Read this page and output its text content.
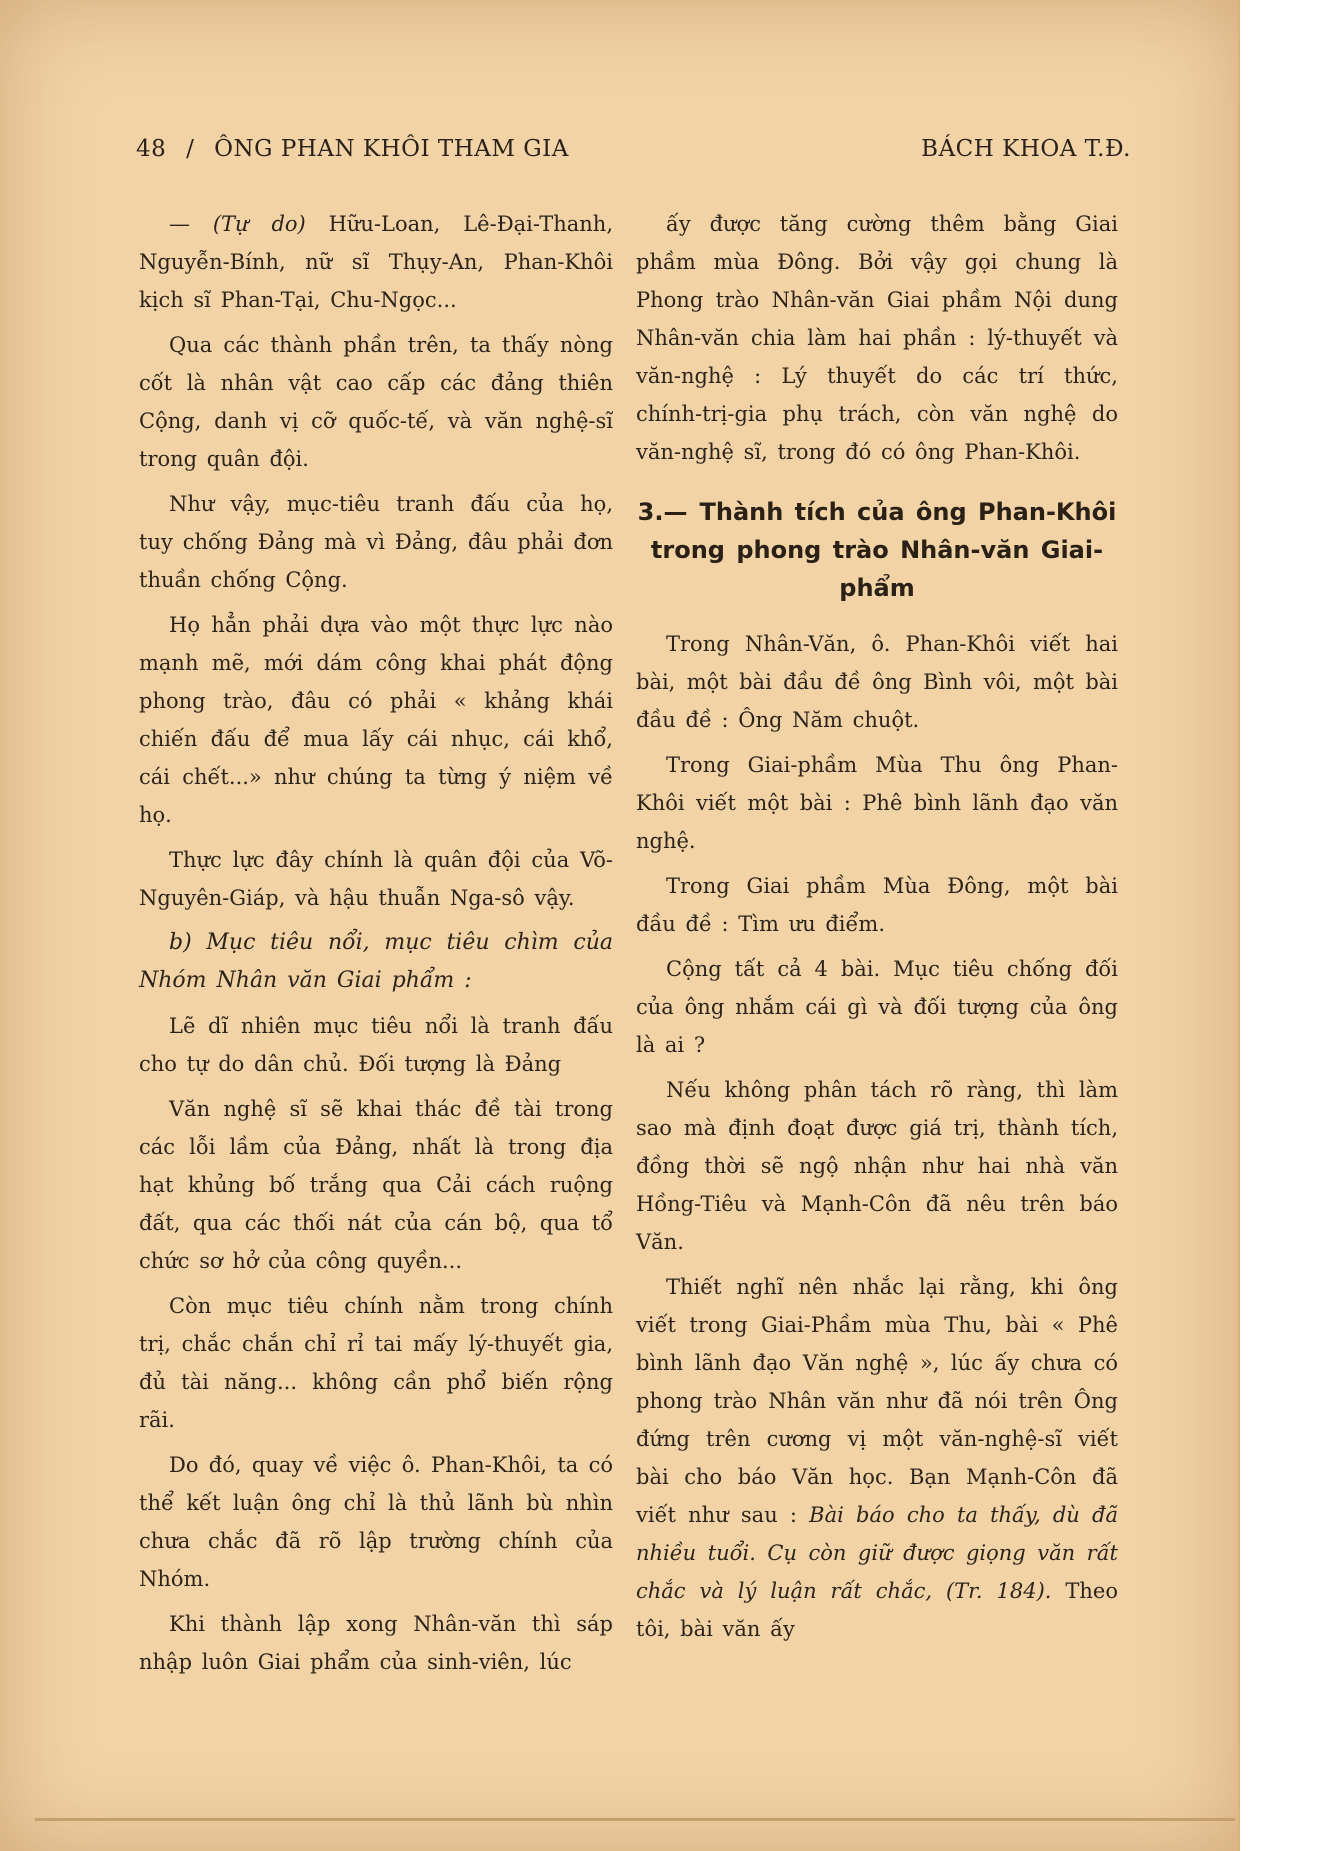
48 / ÔNG PHAN KHÔI THAM GIA	BÁCH KHOA T.Đ.

— (Tự do) Hữu-Loan, Lê-Đại-Thanh, Nguyễn-Bính, nữ sĩ Thụy-An, Phan-Khôi kịch sĩ Phan-Tại, Chu-Ngọc...

Qua các thành phần trên, ta thấy nòng cốt là nhân vật cao cấp các đảng thiên Cộng, danh vị cỡ quốc-tế, và văn nghệ-sĩ trong quân đội.

Như vậy, mục-tiêu tranh đấu của họ, tuy chống Đảng mà vì Đảng, đâu phải đơn thuần chống Cộng.

Họ hẳn phải dựa vào một thực lực nào mạnh mẽ, mới dám công khai phát động phong trào, đâu có phải « khảng khái chiến đấu để mua lấy cái nhục, cái khổ, cái chết...» như chúng ta từng ý niệm về họ.

Thực lực đây chính là quân đội của Võ-Nguyên-Giáp, và hậu thuẫn Nga-sô vậy.

b) Mục tiêu nổi, mục tiêu chìm của Nhóm Nhân văn Giai phẩm :

Lẽ dĩ nhiên mục tiêu nổi là tranh đấu cho tự do dân chủ. Đối tượng là Đảng

Văn nghệ sĩ sẽ khai thác đề tài trong các lỗi lầm của Đảng, nhất là trong địa hạt khủng bố trắng qua Cải cách ruộng đất, qua các thối nát của cán bộ, qua tổ chức sơ hở của công quyền...

Còn mục tiêu chính nằm trong chính trị, chắc chắn chỉ rỉ tai mấy lý-thuyết gia, đủ tài năng... không cần phổ biến rộng rãi.

Do đó, quay về việc ô. Phan-Khôi, ta có thể kết luận ông chỉ là thủ lãnh bù nhìn chưa chắc đã rõ lập trường chính của Nhóm.

Khi thành lập xong Nhân-văn thì sáp nhập luôn Giai phẩm của sinh-viên, lúc

ấy được tăng cường thêm bằng Giai phầm mùa Đông. Bởi vậy gọi chung là Phong trào Nhân-văn Giai phầm Nội dung Nhân-văn chia làm hai phần : lý-thuyết và văn-nghệ : Lý thuyết do các trí thức, chính-trị-gia phụ trách, còn văn nghệ do văn-nghệ sĩ, trong đó có ông Phan-Khôi.

3.— Thành tích của ông Phan-Khôi trong phong trào Nhân-văn Giai-phẩm

Trong Nhân-Văn, ô. Phan-Khôi viết hai bài, một bài đầu đề ông Bình vôi, một bài đầu đề : Ông Năm chuột.

Trong Giai-phầm Mùa Thu ông Phan-Khôi viết một bài : Phê bình lãnh đạo văn nghệ.

Trong Giai phầm Mùa Đông, một bài đầu đề : Tìm ưu điểm.

Cộng tất cả 4 bài. Mục tiêu chống đối của ông nhắm cái gì và đối tượng của ông là ai ?

Nếu không phân tách rõ ràng, thì làm sao mà định đoạt được giá trị, thành tích, đồng thời sẽ ngộ nhận như hai nhà văn Hồng-Tiêu và Mạnh-Côn đã nêu trên báo Văn.

Thiết nghĩ nên nhắc lại rằng, khi ông viết trong Giai-Phầm mùa Thu, bài « Phê bình lãnh đạo Văn nghệ », lúc ấy chưa có phong trào Nhân văn như đã nói trên Ông đứng trên cương vị một văn-nghệ-sĩ viết bài cho báo Văn học. Bạn Mạnh-Côn đã viết như sau : Bài báo cho ta thấy, dù đã nhiều tuổi. Cụ còn giữ được giọng văn rất chắc và lý luận rất chắc, (Tr. 184). Theo tôi, bài văn ấy
